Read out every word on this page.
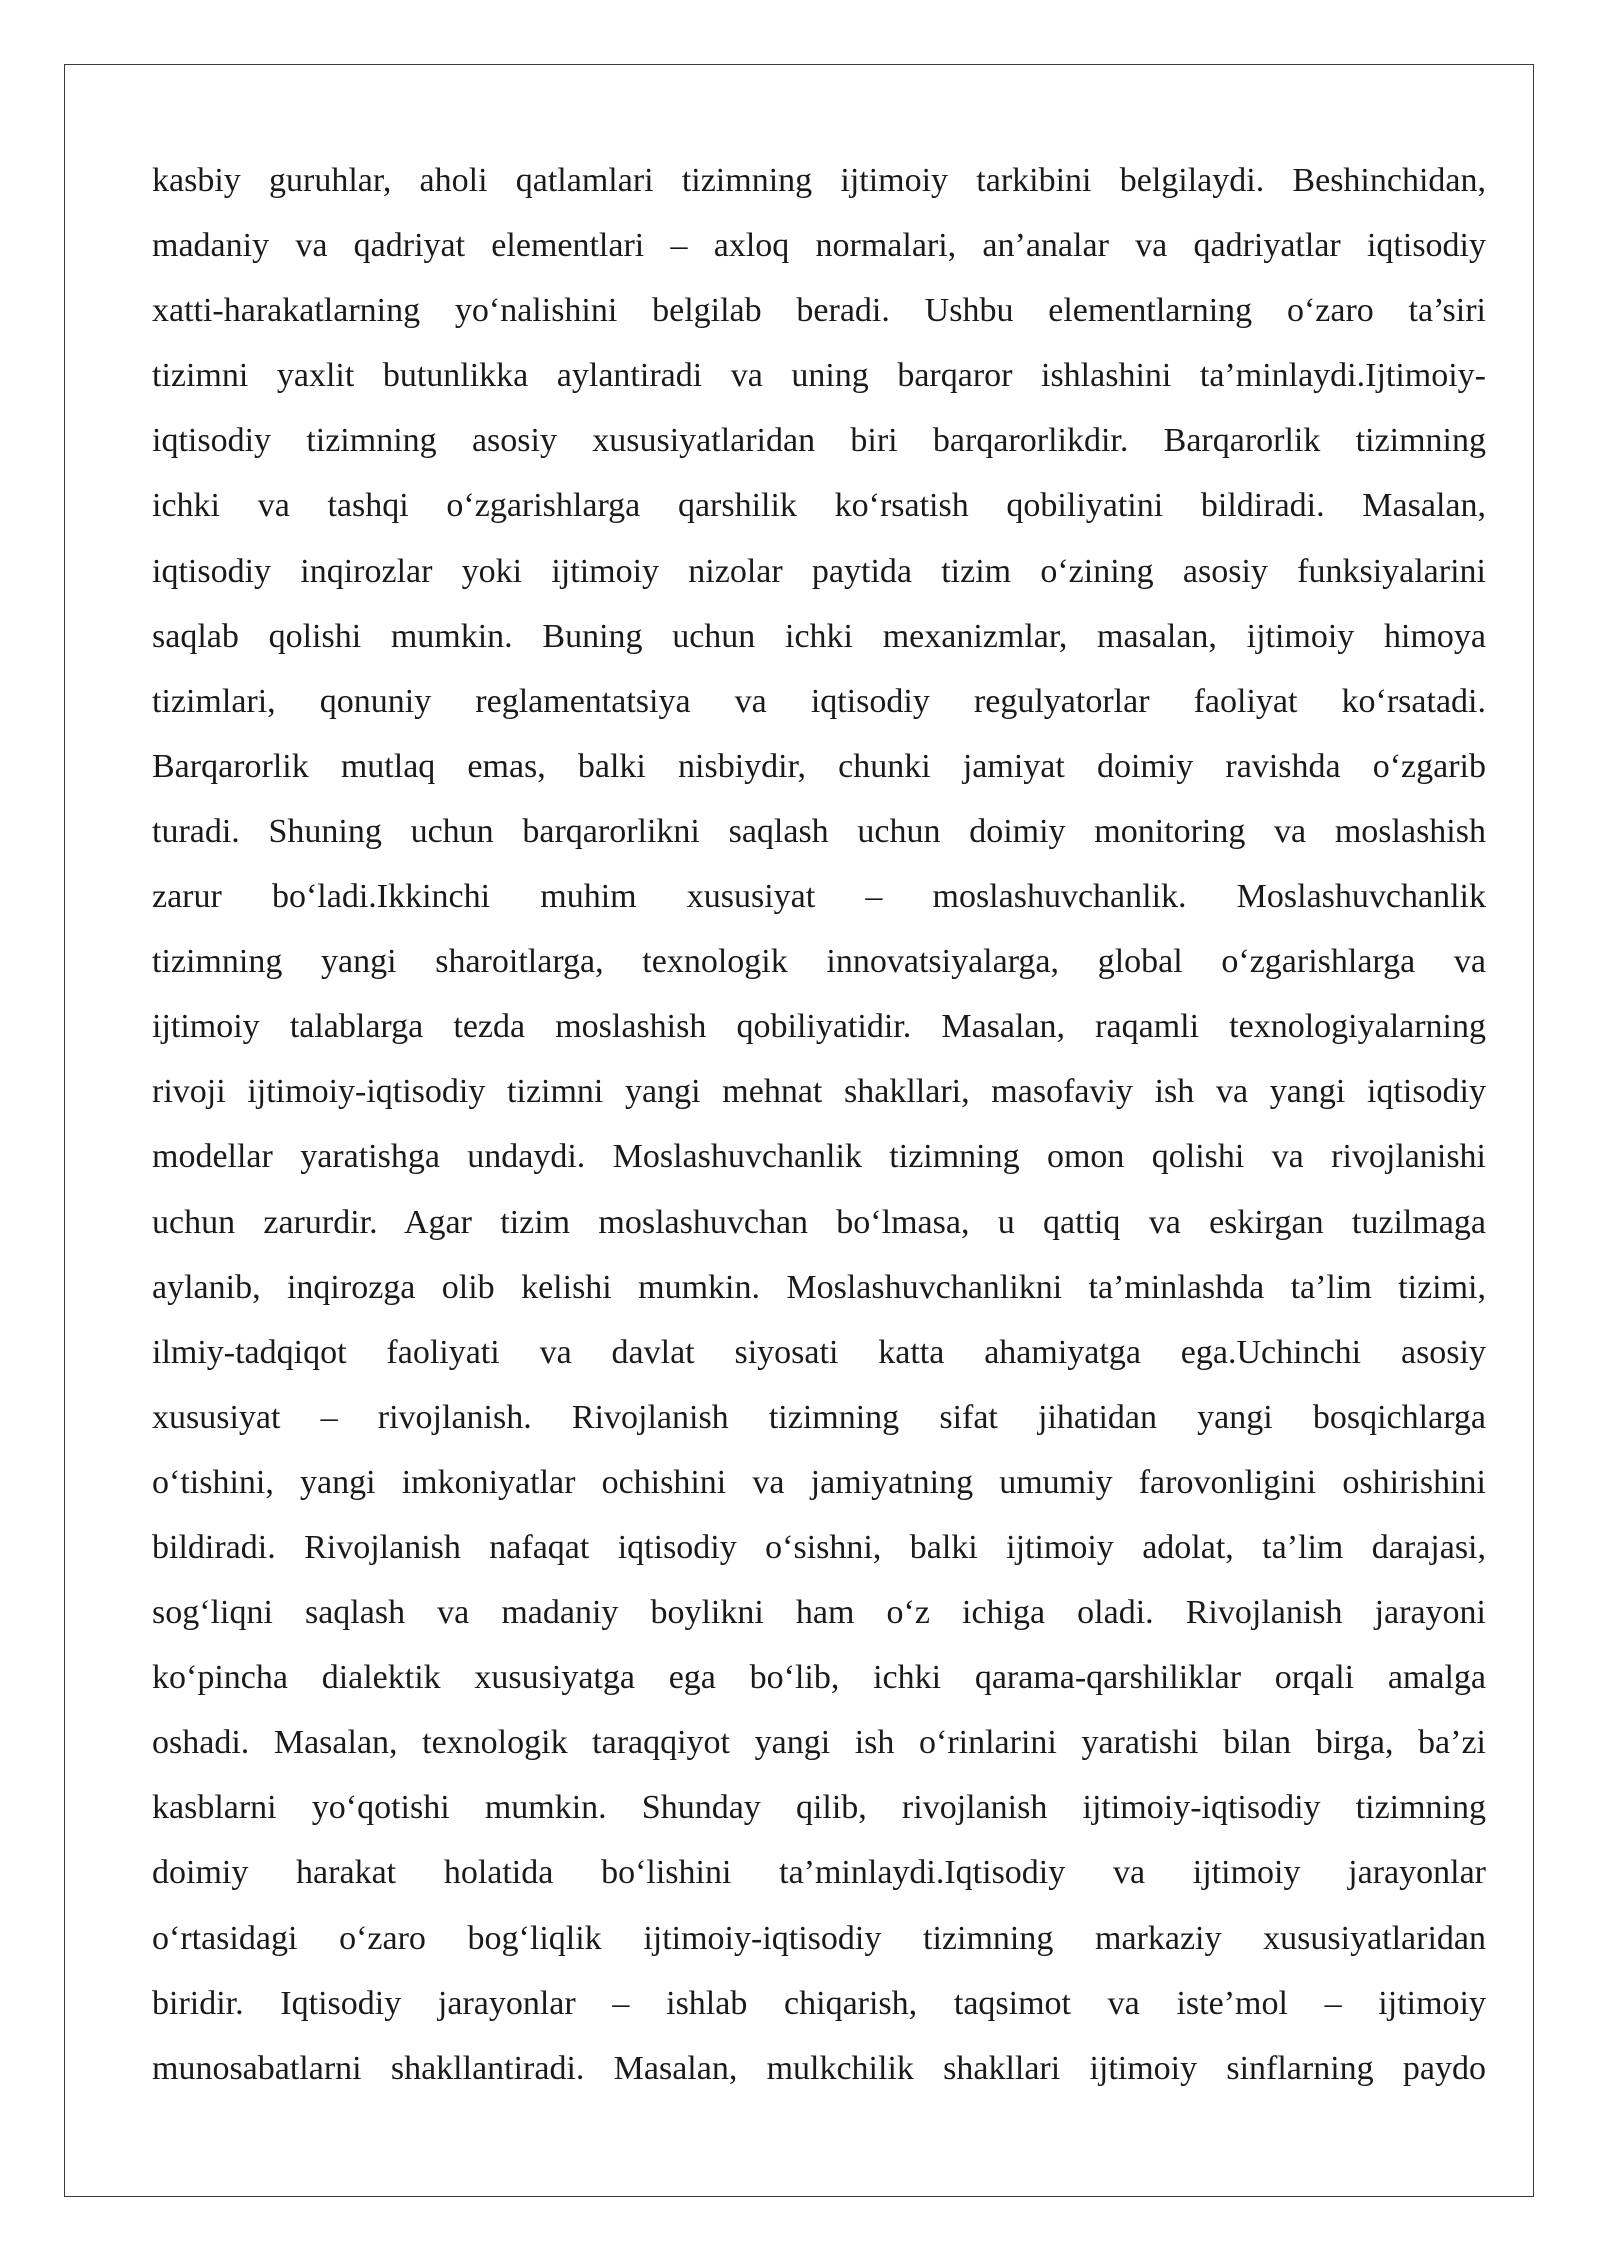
kasbiy guruhlar, aholi qatlamlari tizimning ijtimoiy tarkibini belgilaydi. Beshinchidan,
madaniy va qadriyat elementlari – axloq normalari, an’analar va qadriyatlar iqtisodiy
xatti-harakatlarning yo‘nalishini belgilab beradi. Ushbu elementlarning o‘zaro ta’siri
tizimni yaxlit butunlikka aylantiradi va uning barqaror ishlashini ta’minlaydi.Ijtimoiy-
iqtisodiy tizimning asosiy xususiyatlaridan biri barqarorlikdir. Barqarorlik tizimning
ichki va tashqi o‘zgarishlarga qarshilik ko‘rsatish qobiliyatini bildiradi. Masalan,
iqtisodiy inqirozlar yoki ijtimoiy nizolar paytida tizim o‘zining asosiy funksiyalarini
saqlab qolishi mumkin. Buning uchun ichki mexanizmlar, masalan, ijtimoiy himoya
tizimlari, qonuniy reglamentatsiya va iqtisodiy regulyatorlar faoliyat ko‘rsatadi.
Barqarorlik mutlaq emas, balki nisbiydir, chunki jamiyat doimiy ravishda o‘zgarib
turadi. Shuning uchun barqarorlikni saqlash uchun doimiy monitoring va moslashish
zarur bo‘ladi.Ikkinchi muhim xususiyat – moslashuvchanlik. Moslashuvchanlik
tizimning yangi sharoitlarga, texnologik innovatsiyalarga, global o‘zgarishlarga va
ijtimoiy talablarga tezda moslashish qobiliyatidir. Masalan, raqamli texnologiyalarning
rivoji ijtimoiy-iqtisodiy tizimni yangi mehnat shakllari, masofaviy ish va yangi iqtisodiy
modellar yaratishga undaydi. Moslashuvchanlik tizimning omon qolishi va rivojlanishi
uchun zarurdir. Agar tizim moslashuvchan bo‘lmasa, u qattiq va eskirgan tuzilmaga
aylanib, inqirozga olib kelishi mumkin. Moslashuvchanlikni ta’minlashda ta’lim tizimi,
ilmiy-tadqiqot faoliyati va davlat siyosati katta ahamiyatga ega.Uchinchi asosiy
xususiyat – rivojlanish. Rivojlanish tizimning sifat jihatidan yangi bosqichlarga
o‘tishini, yangi imkoniyatlar ochishini va jamiyatning umumiy farovonligini oshirishini
bildiradi. Rivojlanish nafaqat iqtisodiy o‘sishni, balki ijtimoiy adolat, ta’lim darajasi,
sog‘liqni saqlash va madaniy boylikni ham o‘z ichiga oladi. Rivojlanish jarayoni
ko‘pincha dialektik xususiyatga ega bo‘lib, ichki qarama-qarshiliklar orqali amalga
oshadi. Masalan, texnologik taraqqiyot yangi ish o‘rinlarini yaratishi bilan birga, ba’zi
kasblarni yo‘qotishi mumkin. Shunday qilib, rivojlanish ijtimoiy-iqtisodiy tizimning
doimiy harakat holatida bo‘lishini ta’minlaydi.Iqtisodiy va ijtimoiy jarayonlar
o‘rtasidagi o‘zaro bog‘liqlik ijtimoiy-iqtisodiy tizimning markaziy xususiyatlaridan
biridir. Iqtisodiy jarayonlar – ishlab chiqarish, taqsimot va iste’mol – ijtimoiy
munosabatlarni shakllantiradi. Masalan, mulkchilik shakllari ijtimoiy sinflarning paydo
